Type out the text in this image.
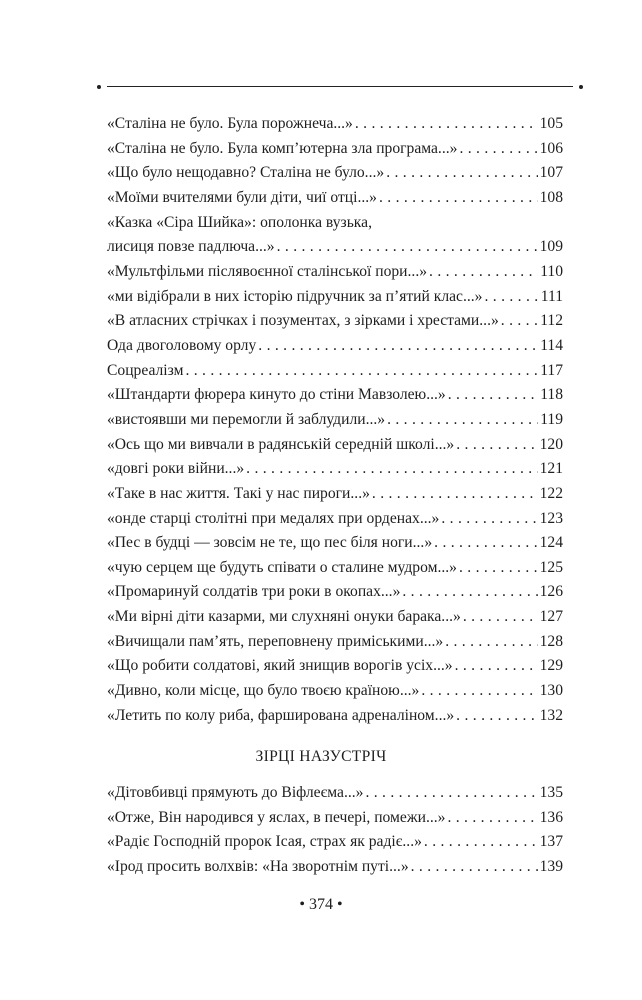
«Сталіна не було. Була порожнеча...» . . .	105
«Сталіна не було. Була комп’ютерна зла програма...» . . .	106
«Що було нещодавно? Сталіна не було...» . . .	107
«Моїми вчителями були діти, чиї отці...» . . .	108
«Казка «Сіра Шийка»: ополонка вузька,
лисиця повзе падлюча...» . . .	109
«Мультфільми післявоєнної сталінської пори...» . . .	110
«ми відібрали в них історію підручник за п’ятий клас...» . . .	111
«В атласних стрічках і позументах, з зірками і хрестами...» . . .	112
Ода двоголовому орлу . . .	114
Соцреалізм . . .	117
«Штандарти фюрера кинуто до стіни Мавзолею...» . . .	118
«вистоявши ми перемогли й заблудили...» . . .	119
«Ось що ми вивчали в радянській середній школі...» . . .	120
«довгі роки війни...» . . .	121
«Таке в нас життя. Такі у нас пироги...» . . .	122
«онде старці столітні при медалях при орденах...» . . .	123
«Пес в будці — зовсім не те, що пес біля ноги...» . . .	124
«чую серцем ще будуть співати о сталине мудром...» . . .	125
«Промаринуй солдатів три роки в окопах...» . . .	126
«Ми вірні діти казарми, ми слухняні онуки барака...» . . .	127
«Вичищали пам’ять, переповнену приміськими...» . . .	128
«Що робити солдатові, який знищив ворогів усіх...» . . .	129
«Дивно, коли місце, що було твоєю країною...» . . .	130
«Летить по колу риба, фарширована адреналіном...» . . .	132
ЗІРЦІ НАЗУСТРІЧ
«Дітовбивці прямують до Віфлеєма...» . . .	135
«Отже, Він народився у яслах, в печері, помежи...» . . .	136
«Радіє Господній пророк Ісая, страх як радіє...» . . .	137
«Ірод просить волхвів: «На зворотнім путі...» . . .	139
• 374 •
